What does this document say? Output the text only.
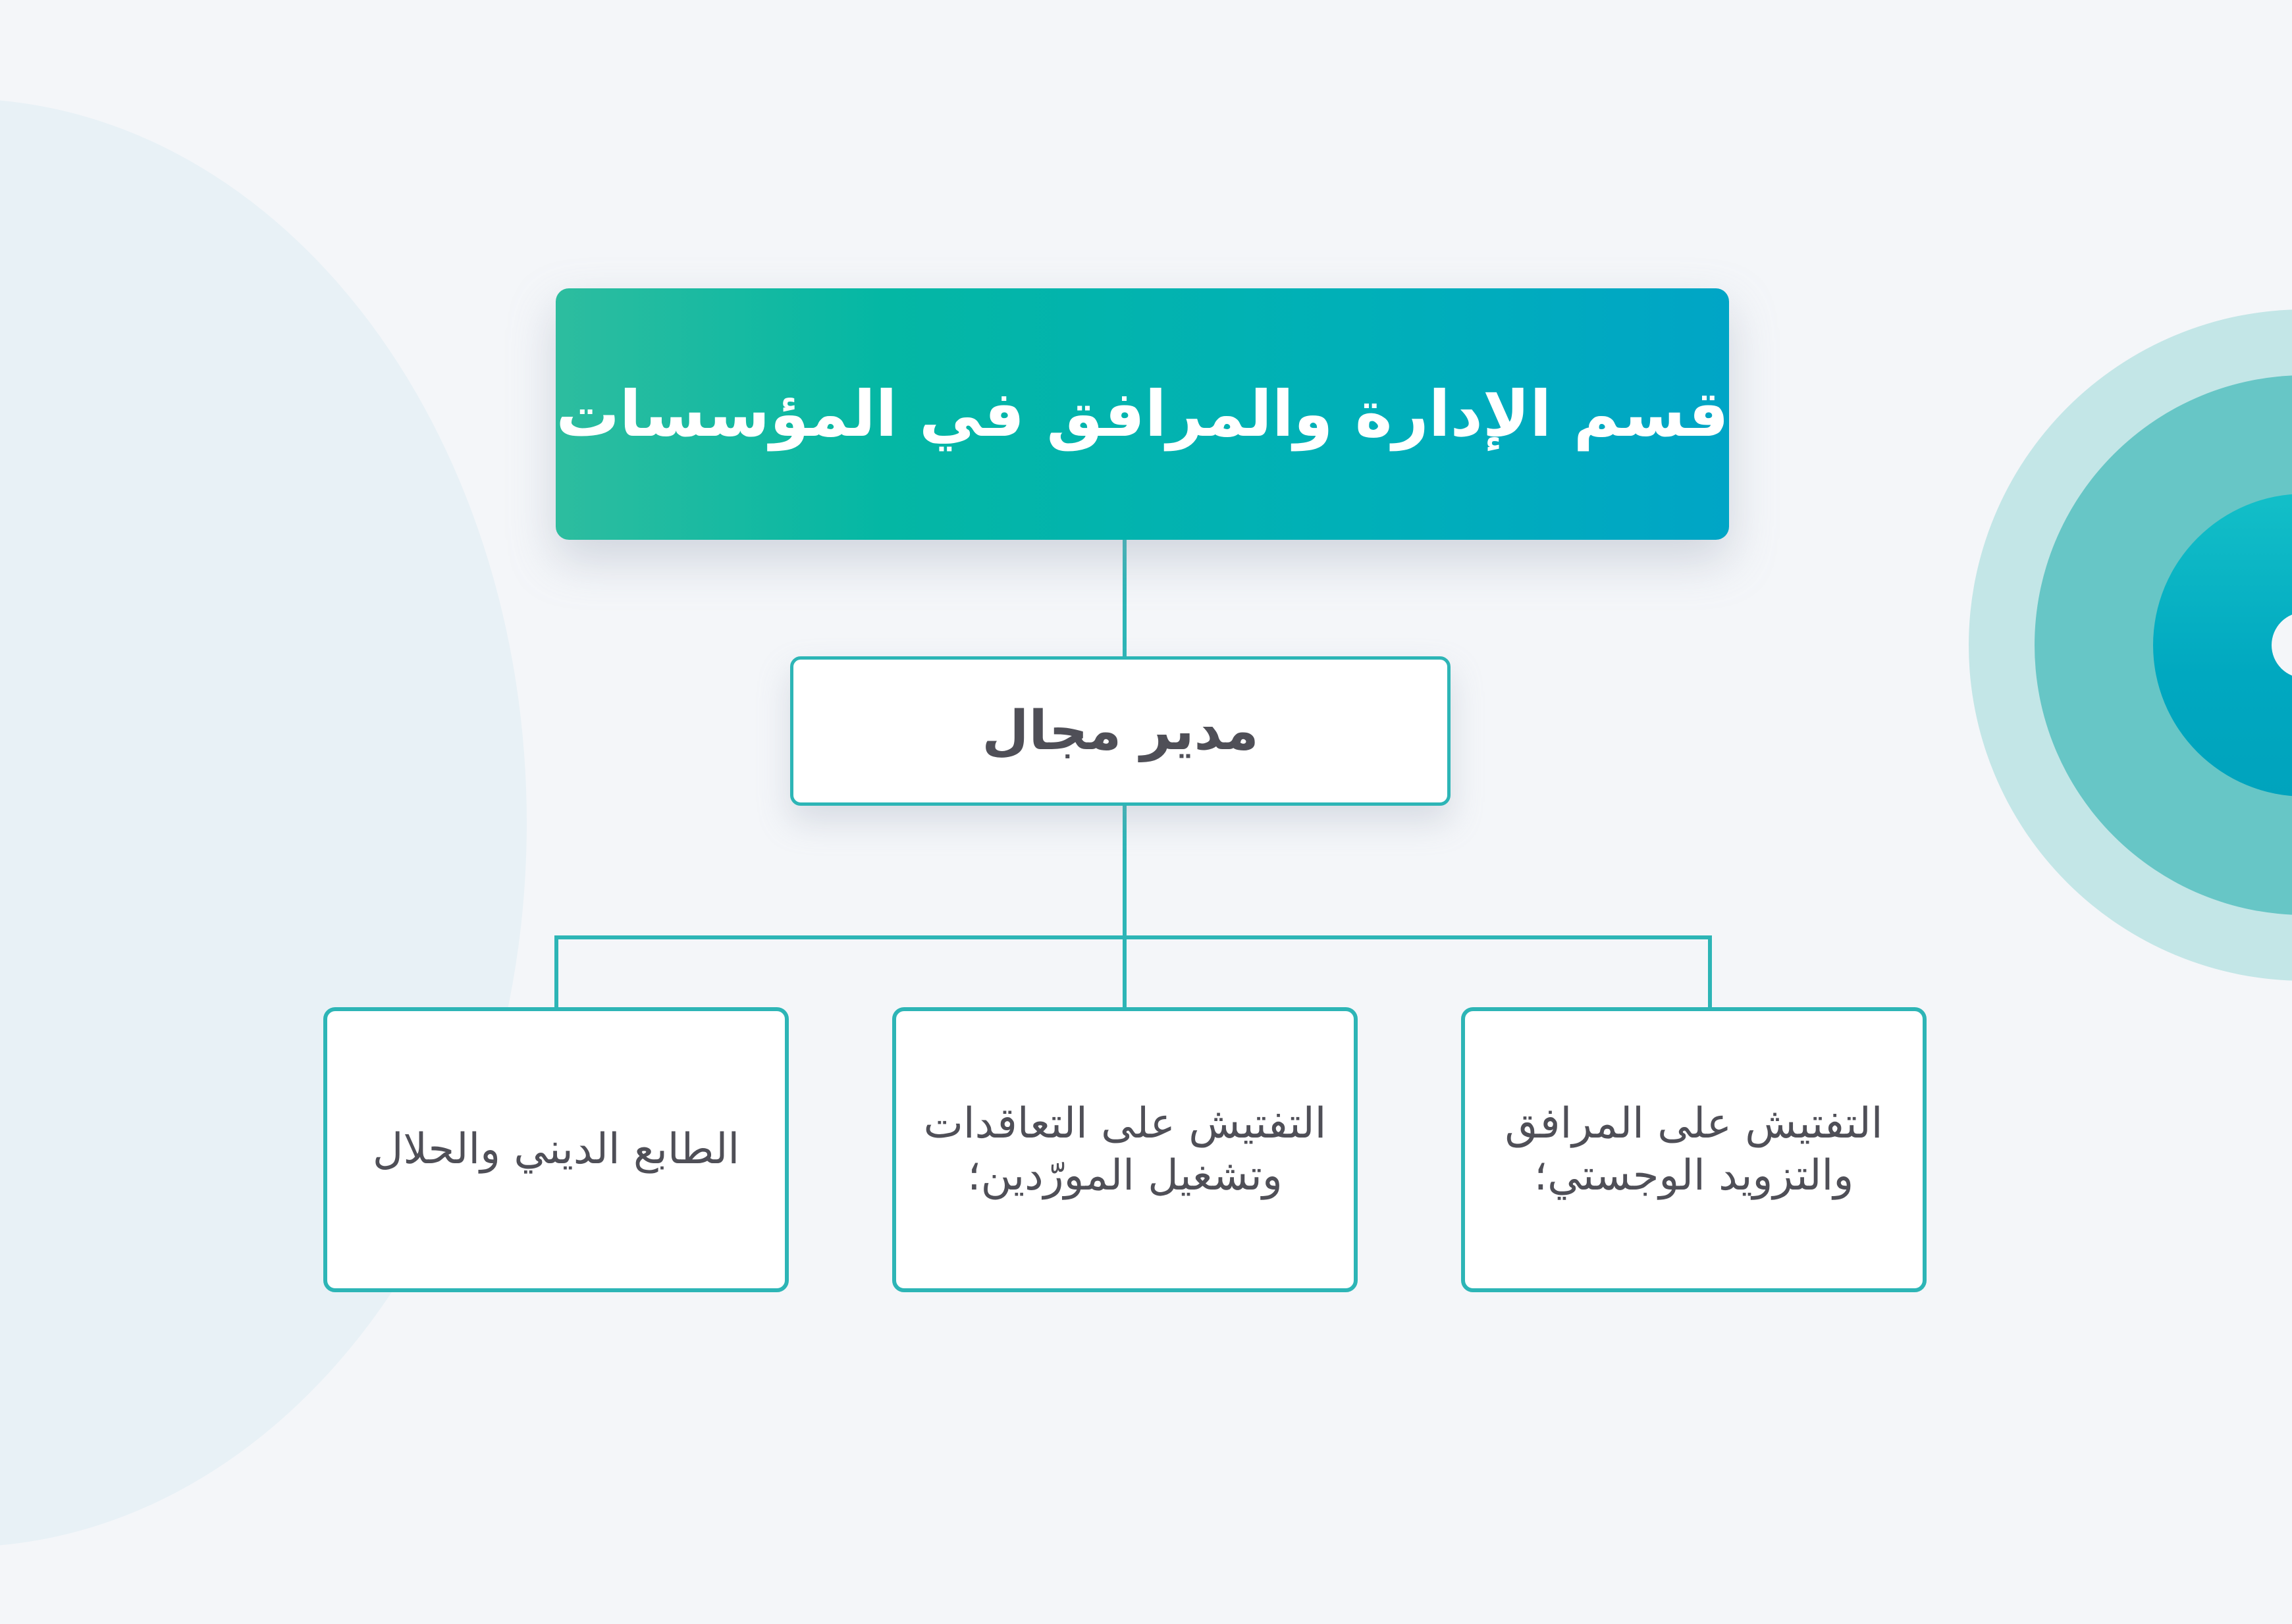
قسم الإدارة والمرافق في المؤسسات
مدير مجال
التفتيش على المرافق
والتزويد الوجستي؛
التفتيش على التعاقدات
وتشغيل المورّدين؛
الطابع الديني والحلال
